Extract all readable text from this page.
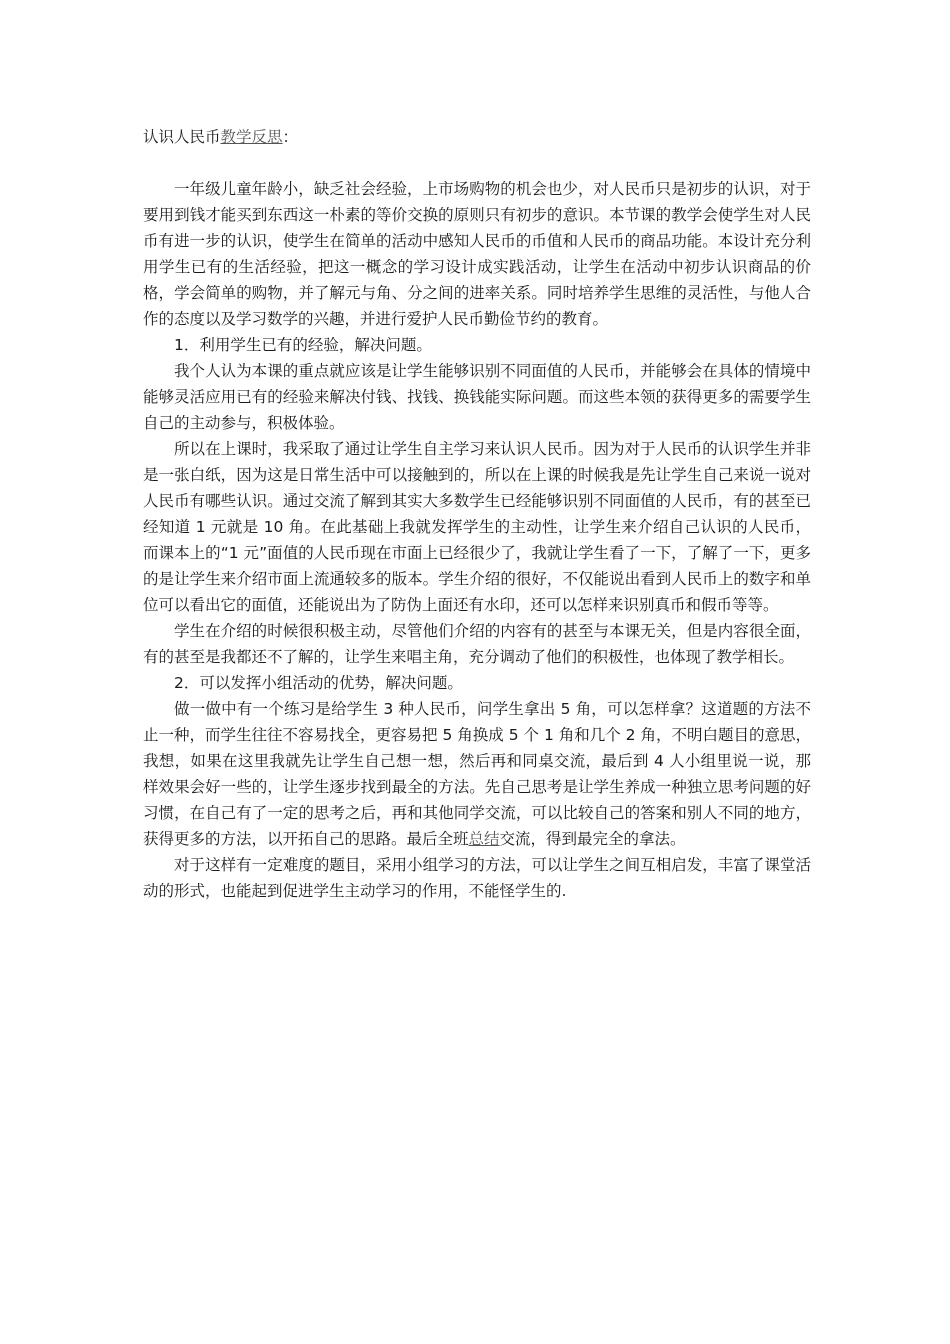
认识人民币教学反思：

一年级儿童年龄小，缺乏社会经验，上市场购物的机会也少，对人民币只是初步的认识，对于要用到钱才能买到东西这一朴素的等价交换的原则只有初步的意识。本节课的教学会使学生对人民币有进一步的认识，使学生在简单的活动中感知人民币的币值和人民币的商品功能。本设计充分利用学生已有的生活经验，把这一概念的学习设计成实践活动，让学生在活动中初步认识商品的价格，学会简单的购物，并了解元与角、分之间的进率关系。同时培养学生思维的灵活性，与他人合作的态度以及学习数学的兴趣，并进行爱护人民币勤俭节约的教育。

1．利用学生已有的经验，解决问题。

我个人认为本课的重点就应该是让学生能够识别不同面值的人民币，并能够会在具体的情境中能够灵活应用已有的经验来解决付钱、找钱、换钱能实际问题。而这些本领的获得更多的需要学生自己的主动参与，积极体验。

所以在上课时，我采取了通过让学生自主学习来认识人民币。因为对于人民币的认识学生并非是一张白纸，因为这是日常生活中可以接触到的，所以在上课的时候我是先让学生自己来说一说对人民币有哪些认识。通过交流了解到其实大多数学生已经能够识别不同面值的人民币，有的甚至已经知道 1 元就是 10 角。在此基础上我就发挥学生的主动性，让学生来介绍自己认识的人民币，而课本上的“1 元”面值的人民币现在市面上已经很少了，我就让学生看了一下，了解了一下，更多的是让学生来介绍市面上流通较多的版本。学生介绍的很好，不仅能说出看到人民币上的数字和单位可以看出它的面值，还能说出为了防伪上面还有水印，还可以怎样来识别真币和假币等等。

学生在介绍的时候很积极主动，尽管他们介绍的内容有的甚至与本课无关，但是内容很全面，有的甚至是我都还不了解的，让学生来唱主角，充分调动了他们的积极性，也体现了教学相长。

2．可以发挥小组活动的优势，解决问题。

做一做中有一个练习是给学生 3 种人民币，问学生拿出 5 角，可以怎样拿？这道题的方法不止一种，而学生往往不容易找全，更容易把 5 角换成 5 个 1 角和几个 2 角，不明白题目的意思，我想，如果在这里我就先让学生自己想一想，然后再和同桌交流，最后到 4 人小组里说一说，那样效果会好一些的，让学生逐步找到最全的方法。先自己思考是让学生养成一种独立思考问题的好习惯，在自己有了一定的思考之后，再和其他同学交流，可以比较自己的答案和别人不同的地方，获得更多的方法，以开拓自己的思路。最后全班总结交流，得到最完全的拿法。

对于这样有一定难度的题目，采用小组学习的方法，可以让学生之间互相启发，丰富了课堂活动的形式，也能起到促进学生主动学习的作用，不能怪学生的.
